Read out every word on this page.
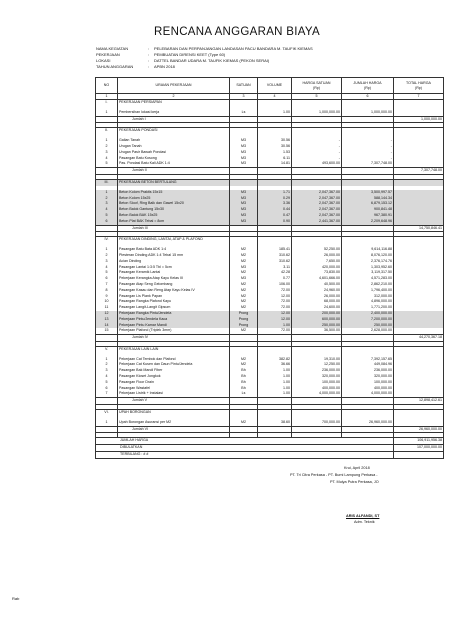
RENCANA ANGGARAN BIAYA
NAMA KEGIATAN	:	PELEBARAN DAN PERPANJANGAN LANDASAN PACU BANDARA M. TAUFIK KIEMAS
PEKERJAAN	:	PEMBUATAN DIRENSI KEET (Type 60)
LOKASI	:	DATTEL BANDAR UDARA M. TAUFIK KIEMAS (PEKON SERAI)
TAHUN ANGGARAN	:	APBN 2018
NO	URAIAN PEKERJAAN	SATUAN	VOLUME	HARGA SATUAN
(Rp)	JUMLAH HARGA
(Rp)	TOTAL HARGA
(Rp)
1	2	3	4	5	6	7
I.	PEKERJAAN PERSIAPAN					

1	Pembersihan lokasi kerja	Ls	1.00	1,000,000.00	1,000,000.00	
	Jumlah I					1,000,000.00

II.	PEKERJAAN PONDASI					

1	Galian Tanah	M3	30.56	-	-	
2	Urugan Tanah	M3	30.56	-	-	
3	Urugan Pasir Bawah Pondasi	M3	1.53	-	-	
4	Pasangan Batu Kosong	M3	6.11	-	-	
5	Pas. Pondasi Batu Kali ADK 1:4	M3	14.81	493,600.00	7,307,748.00	
	Jumlah II					7,307,748.00

III.	PEKERJAAN BETON BERTULANG					

1	Beton Kolom Praktis 15x15	M3	1.71	2,047,367.00	3,500,997.57	
2	Beton Kolom 15x25	M3	0.29	2,047,367.00	588,144.34	
3	Beton Sloof, Ring Balk dan Gawel 15x20	M3	3.36	2,047,367.00	6,879,153.12	
4	Beton Balok Gantung 15x30	M3	0.44	2,047,367.00	900,841.48	
5	Beton Balok BAK 15x25	M3	0.47	2,047,367.00	967,380.91	
6	Beton Plat BAK Tebal = 8cm	M3	0.90	2,441,367.00	2,209,648.96	
	Jumlah III					14,750,846.41

IV.	PEKERJAAN DINDING, LANTAI, ATAP & PLAFOND					

1	Pasangan Batu Bata ADK 1:4	M2	185.41	52,250.00	9,614,116.88	
2	Plesteran Dinding ADK 1:4 Tebal 15 mm	M2	310.62	26,000.00	8,076,120.00	
3	Acian Dinding	M2	310.62	7,650.00	2,376,174.76	
4	Pasangan Lantai 1:3:5 Tbl = 5cm	M3	3.11	420,000.00	1,303,952.60	
5	Pasangan Keramik Lantai	M2	42.28	73,830.00	3,119,317.50	
6	Pekerjaan Kerangka Atap Kayu Kelas III	M3	0.77	4,601,666.00	4,571,283.00	
7	Pasangan Atap Seng Gelombang	M2	106.00	40,500.00	2,862,210.00	
8	Pasangan Kasau dan Reng Atap Kayu Kelas IV	M2	72.00	24,960.00	1,796,400.00	
9	Pasangan Lis Plank Papan	M2	12.00	26,000.00	312,000.00	
10	Pasangan Rangka Plafond Kayu	M2	72.00	68,000.00	4,896,000.00	
11	Pasangan Langit-Langit Gipsum	M2	72.00	24,600.00	1,771,200.00	
12	Pekerjaan Rangka Pintu/Jendela	Prong	12.00	200,000.00	2,400,000.00	
13	Pekerjaan Pintu/Jendela Kaca	Prong	12.00	600,000.00	7,200,000.00	
14	Pekerjaan Pintu Kamar Mandi	Prong	1.00	250,000.00	250,000.00	
15	Pekerjaan Plafond (Triplek 3mm)	M2	72.00	36,500.00	2,628,000.00	
	Jumlah IV					44,270,367.18

V.	PEKERJAAN LAIN LAIN					

1	Pekerjaan Cat Tembok dan Plafond	M2	382.82	19,310.00	7,392,157.65	
2	Pekerjaan Cat Kusen dan Daun Pintu/Jendela	M2	36.66	12,250.00	449,084.96	
3	Pasangan Bak Mandi Fiber	Bh	1.00	236,000.00	236,000.00	
4	Pasangan Kloset Jongkok	Bh	1.00	320,000.00	320,000.00	
5	Pasangan Floor Drain	Bh	1.00	100,000.00	100,000.00	
6	Pasangan Wastafel	Bh	1.00	400,000.00	400,000.00	
7	Pekerjaan Listrik + Instalasi	Ls	1.00	4,000,000.00	4,000,000.00	
	Jumlah V					12,898,412.61

VI.	UPAH BORONGAN					

1	Upah Borongan Asuransi per M2	M2	38.60	700,000.00	26,960,000.00	
	Jumlah VI					26,960,000.00

JUMLAH HARGA						106,911,956.38
DIBULATKAN						107,000,000.00
TERBILANG : # #						
Krui, April 2018
PT. Tri Citra Perkasa - PT. Bumi Lampung Perkasa -
PT. Mulya Putra Perkasa, JO
ARIS ALFANDI, ST
Adm. Teknik
Rab
